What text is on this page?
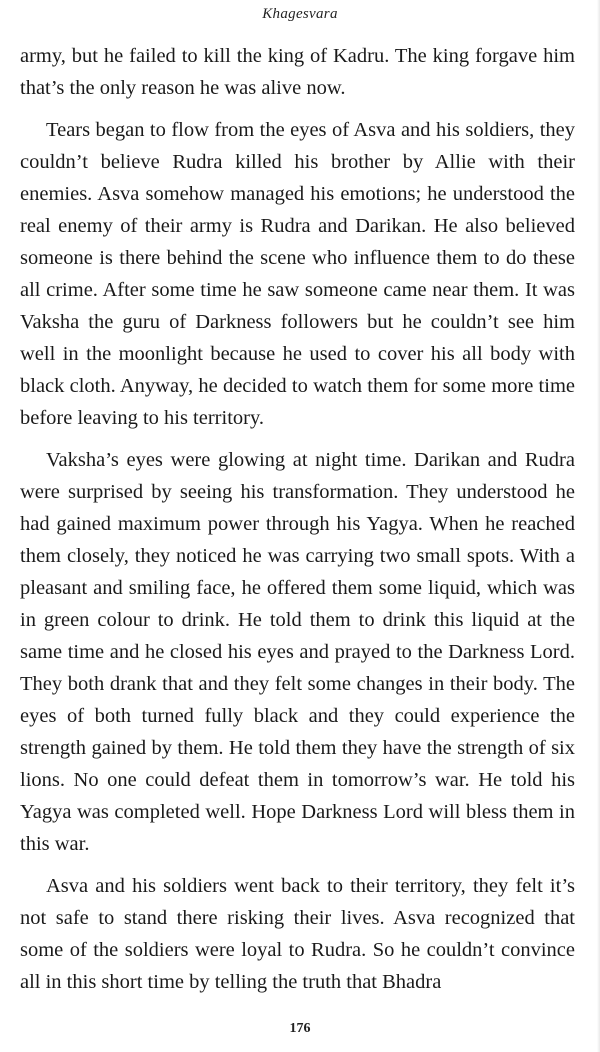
Khagesvara

army, but he failed to kill the king of Kadru. The king forgave him that’s the only reason he was alive now.

Tears began to flow from the eyes of Asva and his soldiers, they couldn’t believe Rudra killed his brother by Allie with their enemies. Asva somehow managed his emotions; he understood the real enemy of their army is Rudra and Darikan. He also believed someone is there behind the scene who influence them to do these all crime. After some time he saw someone came near them. It was Vaksha the guru of Darkness followers but he couldn’t see him well in the moonlight because he used to cover his all body with black cloth. Anyway, he decided to watch them for some more time before leaving to his territory.

Vaksha’s eyes were glowing at night time. Darikan and Rudra were surprised by seeing his transformation. They understood he had gained maximum power through his Yagya. When he reached them closely, they noticed he was carrying two small spots. With a pleasant and smiling face, he offered them some liquid, which was in green colour to drink. He told them to drink this liquid at the same time and he closed his eyes and prayed to the Darkness Lord. They both drank that and they felt some changes in their body. The eyes of both turned fully black and they could experience the strength gained by them. He told them they have the strength of six lions. No one could defeat them in tomorrow’s war. He told his Yagya was completed well. Hope Darkness Lord will bless them in this war.

Asva and his soldiers went back to their territory, they felt it’s not safe to stand there risking their lives. Asva recognized that some of the soldiers were loyal to Rudra. So he couldn’t convince all in this short time by telling the truth that Bhadra

176
